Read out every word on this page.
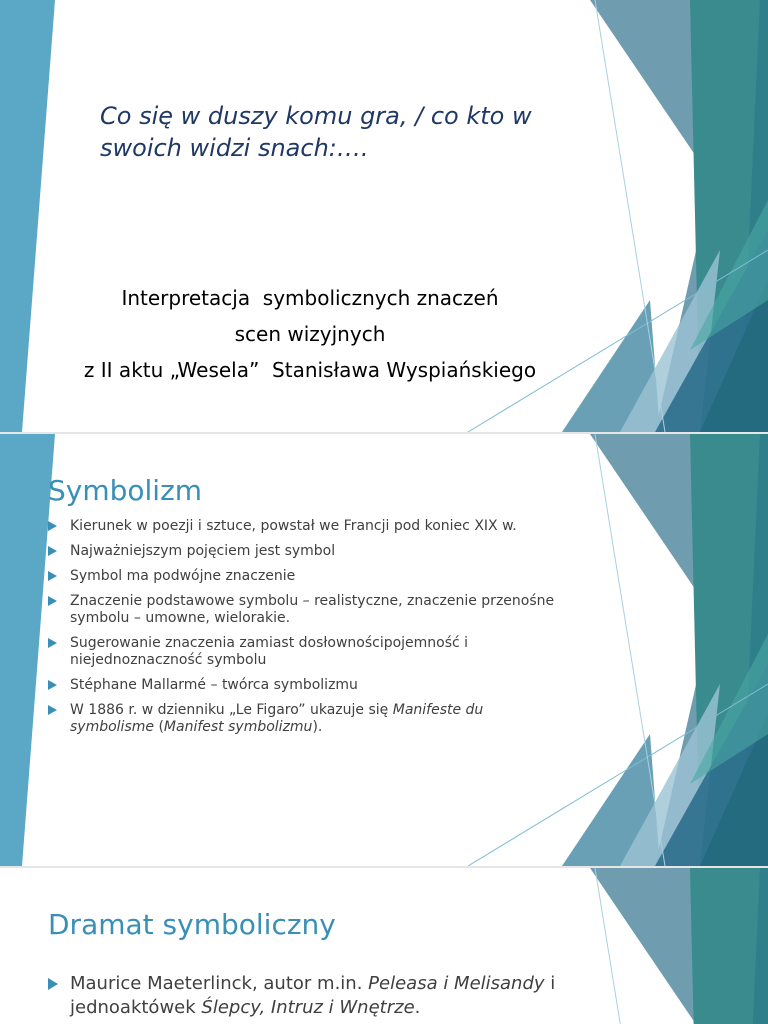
Co się w duszy komu gra, / co kto w swoich widzi snach:….

Interpretacja  symbolicznych znaczeń
scen wizyjnych
z II aktu „Wesela”  Stanisława Wyspiańskiego
Symbolizm
Kierunek w poezji i sztuce, powstał we Francji pod koniec XIX w.
Najważniejszym pojęciem jest symbol
Symbol ma podwójne znaczenie
Znaczenie podstawowe symbolu – realistyczne, znaczenie przenośne symbolu – umowne, wielorakie.
Sugerowanie znaczenia zamiast dosłownościpojemność i niejednoznaczność symbolu
Stéphane Mallarmé – twórca symbolizmu
W 1886 r. w dzienniku „Le Figaro” ukazuje się Manifeste du symbolisme (Manifest symbolizmu).
Dramat symboliczny
Maurice Maeterlinck, autor m.in. Peleasa i Melisandy i jednoaktówek Ślepcy, Intruz i Wnętrze.
